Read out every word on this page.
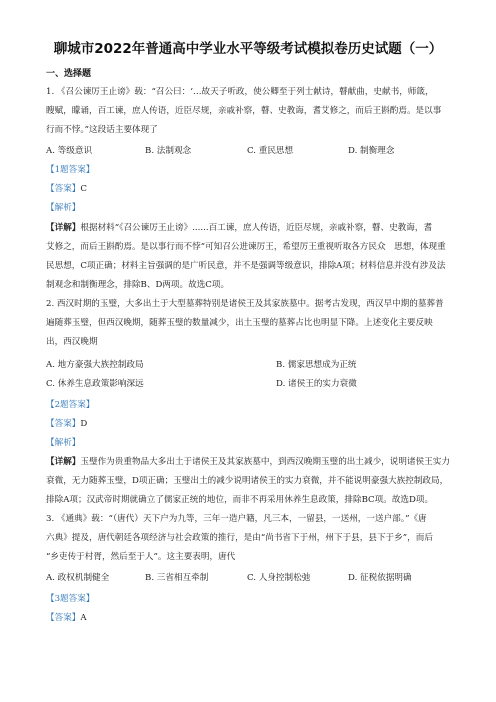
聊城市2022年普通高中学业水平等级考试模拟卷历史试题（一）
一、选择题
1. 《召公谏厉王止谤》载：“召公曰：‘…故天子听政，使公卿至于列士献诗，瞽献曲，史献书，师箴，
瞍赋，矇诵，百工谏，庶人传语，近臣尽规，亲戚补察，瞽、史教诲，耆艾修之，而后王斟酌焉。是以事
行而不悖。”这段话主要体现了
A. 等级意识	B. 法制观念	C. 重民思想	D. 制衡理念
【1题答案】
【答案】C
【解析】
【详解】根据材料“《召公谏厉王止谤》......百工谏，庶人传语，近臣尽规，亲戚补察，瞽、史教诲，耆
艾修之，而后王斟酌焉。是以事行而不悖”可知召公进谏厉王，希望厉王重视听取各方民众　思想，体现重
民思想，C项正确；材料主旨强调的是广听民意，并不是强调等级意识，排除A项；材料信息并没有涉及法
制观念和制衡理念，排除B、D两项。故选C项。
2. 西汉时期的玉璧，大多出土于大型墓葬特别是诸侯王及其家族墓中。据考古发现，西汉早中期的墓葬普
遍随葬玉璧，但西汉晚期，随葬玉璧的数量减少，出土玉璧的墓葬占比也明显下降。上述变化主要反映
出，西汉晚期
A. 地方豪强大族控制政局	B. 儒家思想成为正统
C. 休养生息政策影响深远	D. 诸侯王的实力衰微
【2题答案】
【答案】D
【解析】
【详解】玉璧作为贵重物品大多出土于诸侯王及其家族墓中，到西汉晚期玉璧的出土减少，说明诸侯王实力
衰微，无力随葬玉璧，D项正确；玉璧出土的减少说明诸侯王的实力衰微，并不能说明豪强大族控制政局，
排除A项；汉武帝时期就确立了儒家正统的地位，而非不再采用休养生息政策，排除BC项。故选D项。
3. 《通典》载：“（唐代）天下户为九等，三年一造户籍，凡三本，一留县，一送州，一送户部。”《唐
六典》提及，唐代朝廷各项经济与社会政策的推行，是由“尚书省下于州，州下于县，县下于乡”，而后
“乡吏传于村胥，然后至于人”。这主要表明，唐代
A. 政权机制健全	B. 三省相互牵制	C. 人身控制松弛	D. 征税依据明确
【3题答案】
【答案】A
